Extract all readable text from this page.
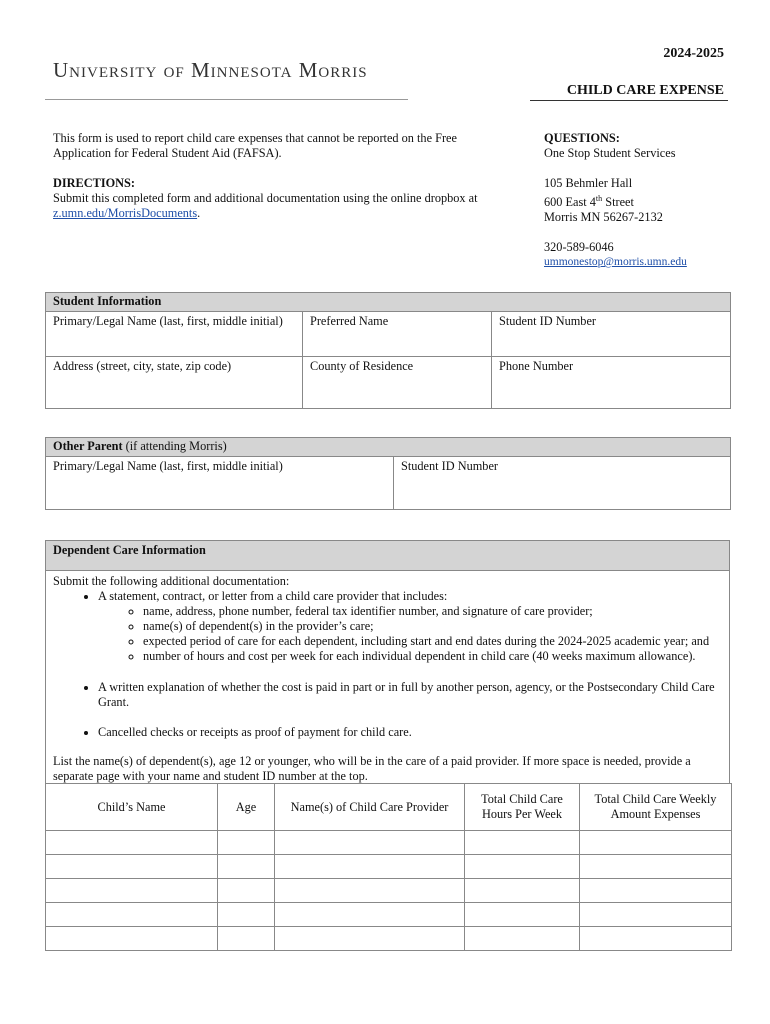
University of Minnesota Morris
2024-2025
CHILD CARE EXPENSE
This form is used to report child care expenses that cannot be reported on the Free Application for Federal Student Aid (FAFSA).
DIRECTIONS:
Submit this completed form and additional documentation using the online dropbox at z.umn.edu/MorrisDocuments.
QUESTIONS:
One Stop Student Services
105 Behmler Hall
600 East 4th Street
Morris MN 56267-2132
320-589-6046
ummonestop@morris.umn.edu
Student Information		
Primary/Legal Name (last, first, middle initial)	Preferred Name	Student ID Number
Address (street, city, state, zip code)	County of Residence	Phone Number
Other Parent (if attending Morris)
Primary/Legal Name (last, first, middle initial)	Student ID Number
Dependent Care Information
Submit the following additional documentation:
• A statement, contract, or letter from a child care provider that includes:
◦ name, address, phone number, federal tax identifier number, and signature of care provider;
◦ name(s) of dependent(s) in the provider’s care;
◦ expected period of care for each dependent, including start and end dates during the 2024-2025 academic year; and
◦ number of hours and cost per week for each individual dependent in child care (40 weeks maximum allowance).
• A written explanation of whether the cost is paid in part or in full by another person, agency, or the Postsecondary Child Care Grant.
• Cancelled checks or receipts as proof of payment for child care.
List the name(s) of dependent(s), age 12 or younger, who will be in the care of a paid provider. If more space is needed, provide a separate page with your name and student ID number at the top.
Child’s Name	Age	Name(s) of Child Care Provider	Total Child Care Hours Per Week	Total Child Care Weekly Amount Expenses
